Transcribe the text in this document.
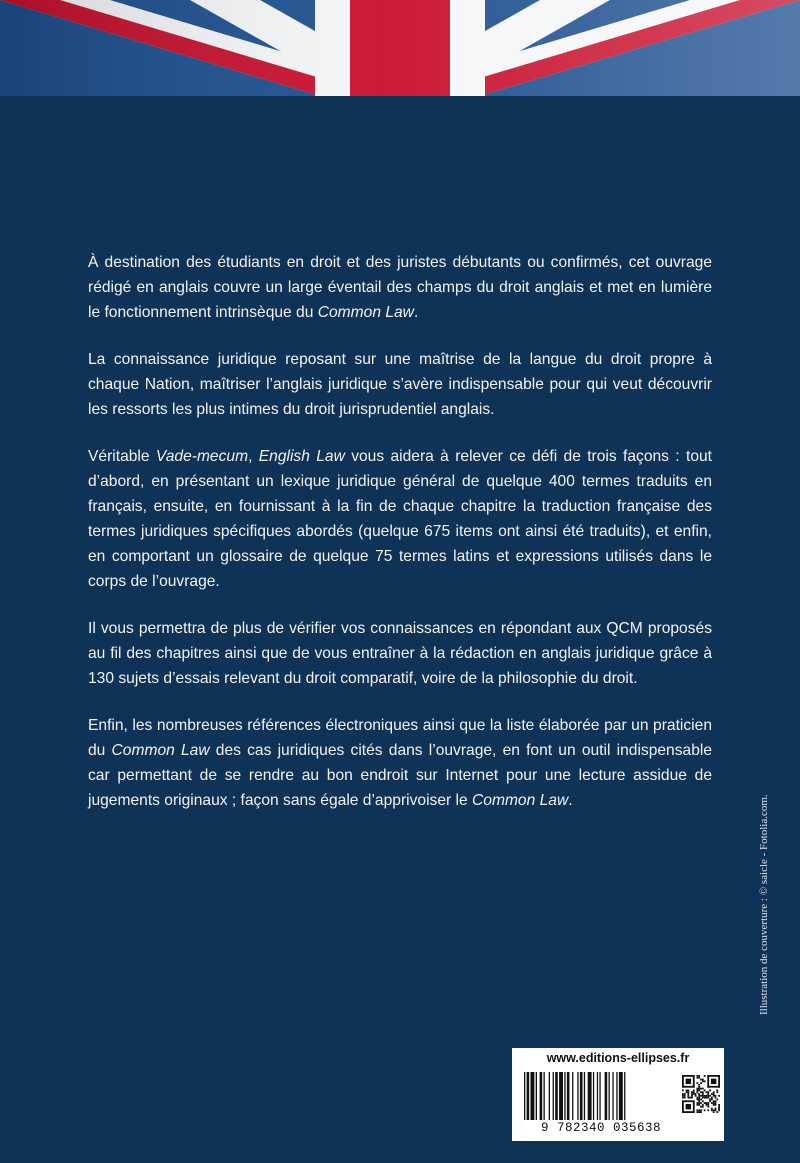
À destination des étudiants en droit et des juristes débutants ou confirmés, cet ouvrage rédigé en anglais couvre un large éventail des champs du droit anglais et met en lumière le fonctionnement intrinsèque du Common Law.

La connaissance juridique reposant sur une maîtrise de la langue du droit propre à chaque Nation, maîtriser l’anglais juridique s’avère indispensable pour qui veut découvrir les ressorts les plus intimes du droit jurisprudentiel anglais.

Véritable Vade-mecum, English Law vous aidera à relever ce défi de trois façons : tout d’abord, en présentant un lexique juridique général de quelque 400 termes traduits en français, ensuite, en fournissant à la fin de chaque chapitre la traduction française des termes juridiques spécifiques abordés (quelque 675 items ont ainsi été traduits), et enfin, en comportant un glossaire de quelque 75 termes latins et expressions utilisés dans le corps de l’ouvrage.

Il vous permettra de plus de vérifier vos connaissances en répondant aux QCM proposés au fil des chapitres ainsi que de vous entraîner à la rédaction en anglais juridique grâce à 130 sujets d’essais relevant du droit comparatif, voire de la philosophie du droit.

Enfin, les nombreuses références électroniques ainsi que la liste élaborée par un praticien du Common Law des cas juridiques cités dans l’ouvrage, en font un outil indispensable car permettant de se rendre au bon endroit sur Internet pour une lecture assidue de jugements originaux ; façon sans égale d’apprivoiser le Common Law.	Illustration de couverture : © saicle - Fotolia.com.
www.editions-ellipses.fr
9 782340 035638
